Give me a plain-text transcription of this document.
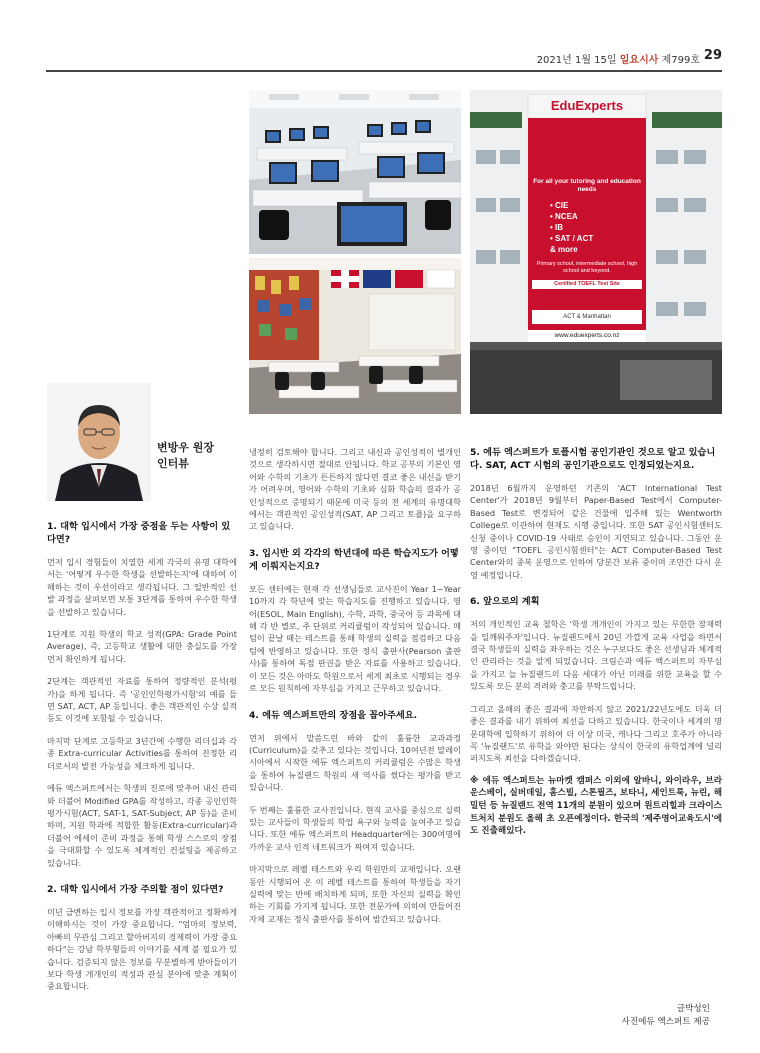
2021년 1월 15일 일요시사 제799호 29
EduExperts
For all your tutoring and education needs
• CIE
• NCEA
• IB
• SAT / ACT
& more
Primary school, intermediate school, high school and beyond.
Certified TOEFL Test Site
ACT & Manhattan
www.eduexperts.co.nz
변방우 원장
인터뷰
1. 대학 입시에서 가장 중점을 두는 사항이 있다면?
먼저 입시 경험들이 치열한 세계 각국의 유명 대학에서는 '어떻게 우수한 학생을 선발하는지'에 대하여 이해하는 것이 우선이라고 생각됩니다. 그 일반적인 선발 과정을 살펴보면 보통 3단계를 통하여 우수한 학생을 선발하고 있습니다.
1단계로 지원 학생의 학교 성적(GPA: Grade Point Average), 즉, 고등학교 생활에 대한 충실도를 가장 먼저 확인하게 됩니다.
2단계는 객관적인 자료를 통하여 정량적인 분석(평가)을 하게 됩니다. 즉 '공인인학평가시험'의 예를 들면 SAT, ACT, AP 등입니다. 좋은 객관적인 수상 실적 등도 이것에 포함될 수 있습니다.
마지막 단계로 고등학교 3년간에 수행한 리더십과 각종 Extra-curricular Activities를 통하여 진정한 리더로서의 발전 가능성을 체크하게 됩니다.
에듀 엑스퍼트에서는 학생의 진로에 맞추어 내신 관리와 더불어 Modified GPA를 작성하고, 각종 공인인학평가시험(ACT, SAT-1, SAT-Subject, AP 등)을 준비하며, 지원 학과에 적합한 활동(Extra-curricular)과 더불어 에세이 준비 과정을 통해 학생 스스로의 장점을 극대화할 수 있도록 체계적인 컨설팅을 제공하고 있습니다.
2. 대학 입시에서 가장 주의할 점이 있다면?
미년 급변하는 입시 정보를 가장 객관적이고 정확하게 이해하시는 것이 가장 중요합니다. "엄마의 정보력, 아빠의 무관심 그리고 할아버지의 경제력이 가장 중요하다"는 강남 학부형들의 이야기를 세계 볼 필요가 있습니다. 검증되지 않은 정보를 무분별하게 받아들이기보다 학생 개개인의 적성과 관심 분야에 맞춘 계획이 중요합니다.
냉정히 검토해야 합니다. 그리고 내신과 공인성적이 별개인 것으로 생각하시면 절대로 안됩니다. 학교 공부의 기본인 영어와 수학의 기초가 튼튼하지 않다면 결코 좋은 내신을 받기가 어려우며, 영어와 수학의 기초와 심화 학습의 결과가 공인성적으로 증명되기 때문에 미국 등의 전 세계의 유명대학에서는 객관적인 공인성적(SAT, AP 그리고 토플)을 요구하고 있습니다.
3. 입시반 외 각각의 학년대에 따른 학습지도가 어떻게 이뤄지는지요?
모든 센터에는 현재 각 선생님들로 교사진이 Year 1~Year 10까지 각 학년에 맞는 학습지도를 진행하고 있습니다. 영어(ESOL, Main English), 수학, 과학, 중국어 등 과목에 대해 각 반 별로, 주 단위로 커리큘럼이 작성되어 있습니다. 매 텀이 끝날 때는 테스트를 통해 학생의 실력을 점검하고 다음 텀에 반영하고 있습니다. 또한 정식 출판사(Pearson 출판사)를 통하여 독점 판권을 받은 자료를 사용하고 있습니다. 이 모든 것은 아마도 학원으로서 세계 최초로 시행되는 경우로 모든 원칙하에 자부심을 가지고 근무하고 있습니다.
4. 에듀 엑스퍼트만의 장점을 꼽아주세요.
먼저 위에서 말씀드린 바와 같이 훌륭한 교과과정(Curriculum)을 갖추고 있다는 것입니다. 10여년전 말레이시아에서 시작한 에듀 엑스퍼트의 커리큘럼은 수많은 학생을 통하여 뉴질랜드 학원의 새 역사를 썼다는 평가를 받고 있습니다.
두 번째는 훌륭한 교사진입니다. 현직 교사를 중심으로 실력있는 교사들이 학생들의 학업 욕구와 능력을 높여주고 있습니다. 또한 에듀 엑스퍼트의 Headquarter에는 300여명에 가까운 교사 인적 네트워크가 짜여져 있습니다.
마지막으로 레벨 테스트와 우리 학원만의 교재입니다. 오랜동안 시행되어 온 이 레벨 테스트를 통하여 학생들을 자기 실력에 맞는 반에 배치하게 되며, 또한 자신의 실력을 확인하는 기회를 가지게 됩니다. 또한 전문가에 의하여 만들어진 자체 교재는 정식 출판사를 통하여 발간되고 있습니다.
5. 에듀 엑스퍼트가 토플시험 공인기관인 것으로 알고 있습니다. SAT, ACT 시험의 공인기관으로도 인정되었는지요.
2018년 6월까지 운영하던 기존의 'ACT International Test Center'가 2018년 9월부터 Paper-Based Test에서 Computer-Based Test로 변경되어 같은 건물에 입주해 있는 Wentworth College로 이관하여 현재도 시행 중입니다. 또한 SAT 공인시험센터도 신청 중이나 COVID-19 사태로 승인이 지연되고 있습니다. 그동안 운영 중이던 "TOEFL 공인시험센터"는 ACT Computer-Based Test Center와의 중복 운영으로 인하여 당분간 보류 중이며 조만간 다시 운영 예정입니다.
6. 앞으로의 계획
저의 개인적인 교육 철학은 '학생 개개인이 가지고 있는 무한한 잠재력을 일깨워주자'입니다. 뉴질랜드에서 20년 가깝게 교육 사업을 하면서 결국 학생들의 실력을 좌우하는 것은 누구보다도 좋은 선생님과 체계적인 관리라는 것을 알게 되었습니다. 크림슨과 에듀 엑스퍼트의 자부심을 가지고 늘 뉴질랜드의 다음 세대가 아닌 미래를 위한 교육을 할 수 있도록 모든 분의 격려와 충고를 부탁드립니다.
그리고 올해의 좋은 결과에 자만하지 않고 2021/22년도에도 더욱 더 좋은 결과를 내기 위하여 최선을 다하고 있습니다. 한국이나 세계의 명문대학에 입학하기 위하여 더 이상 미국, 캐나다 그리고 호주가 아니라 꼭 '뉴질랜드'로 유학을 와야만 된다는 상식이 한국의 유학업계에 널리 퍼지도록 최선을 다하겠습니다.
※ 에듀 엑스퍼트는 뉴마켓 캠퍼스 이외에 알바니, 와이라우, 브라운스베이, 실버데일, 홈스빌, 스톤필즈, 보타니, 세인트룩, 뉴린, 해밀턴 등 뉴질랜드 전역 11개의 분원이 있으며 원트리힐과 크라이스트처치 분원도 올해 초 오픈예정이다. 한국의 '제주영어교육도시'에도 진출해있다.
글박성인
사진에듀 엑스퍼트 제공
